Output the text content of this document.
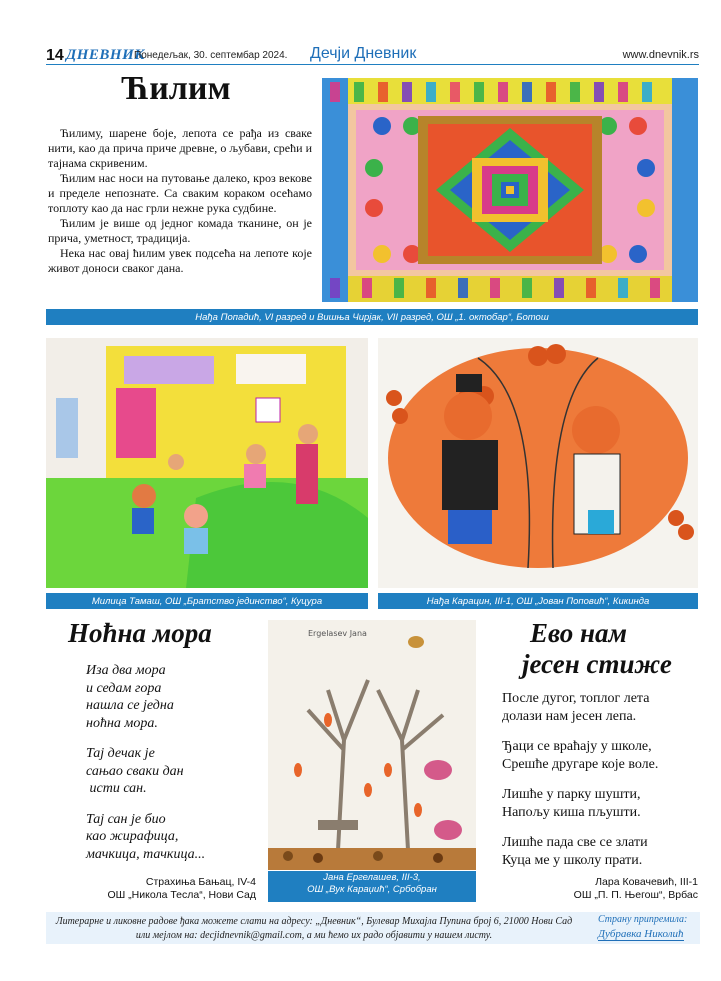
14 ДНЕВНИК
Понедељак, 30. септембар 2024. Дечји Дневник	www.dnevnik.rs
Ћилим

Ћилиму, шарене боје, лепота се рађа из сваке нити, као да прича приче древне, о љубави, срећи и тајнама скривеним.

Ћилим нас носи на путовање далеко, кроз векове и пределе непознате. Са сваким кораком осећамо топлоту као да нас грли нежне рука судбине.

Ћилим је више од једног комада тканине, он је прича, уметност, традиција.

Нека нас овај ћилим увек подсећа на лепоте које живот доноси сваког дана.

Нађа Попадић, VI разред и Вишња Чирјак, VII разред, ОШ „1. октобар“, Ботош
Милица Тамаш, ОШ „Братство јединство“, Куцура	Нађа Карацин, III-1, ОШ „Јован Поповић“, Кикинда
Ноћна мора
Иза два мора
и седам гора
нашла се једна
ноћна мора.
Тај дечак је
сањао сваки дан
исти сан.
Тај сан је био
као жирафица,
мачкица, тачкица...
Страхиња Бањац, IV-4
ОШ „Никола Тесла“, Нови Сад
Ergelasev Jana
Јана Ергелашев, III-3,
ОШ „Вук Караџић“, Србобран
Ево нам
јесен стиже
После дугог, топлог лета
долази нам јесен лепа.
Ђаци се враћају у школе,
Срешће другаре које воле.
Лишће у парку шушти,
Напољу киша пљушти.
Лишће пада све се злати
Куца ме у школу прати.
Лара Ковачевић, III-1
ОШ „П. П. Његош“, Врбас
Литерарне и ликовне радове ђака можете слати на адресу: „Дневник“, Булевар Михајла Пупина број 6, 21000 Нови Сад
или мејлом на: decjidnevnik@gmail.com, а ми ћемо их радо објавити у нашем листу.
Страну припремила:
Дубравка Николић
